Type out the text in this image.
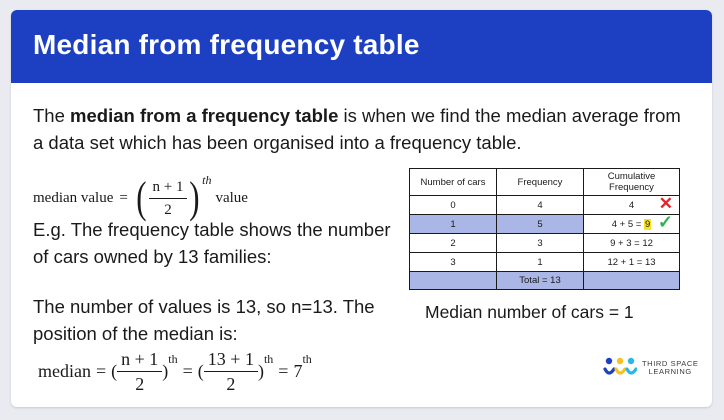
Median from frequency table
The median from a frequency table is when we find the median average from a data set which has been organised into a frequency table.
median value = ( $\frac{n + 1}{2}$ ) th
value
E.g. The frequency table shows the number of cars owned by 13 families:
The number of values is 13, so n=13. The position of the median is:
median = ( $\frac{n + 1}{2}$ )
th
= ( $\frac{13 + 1}{2}$ )
th
= 7
th
Number of cars	Frequency	Cumulative Frequency
0	4	4 ✕

1	5	4 + 5 = 9 ✓

2	3	9 + 3 = 12
3	1	12 + 1 = 13
	Total = 13	
Median number of cars = 1
THIRD SPACE
LEARNING
